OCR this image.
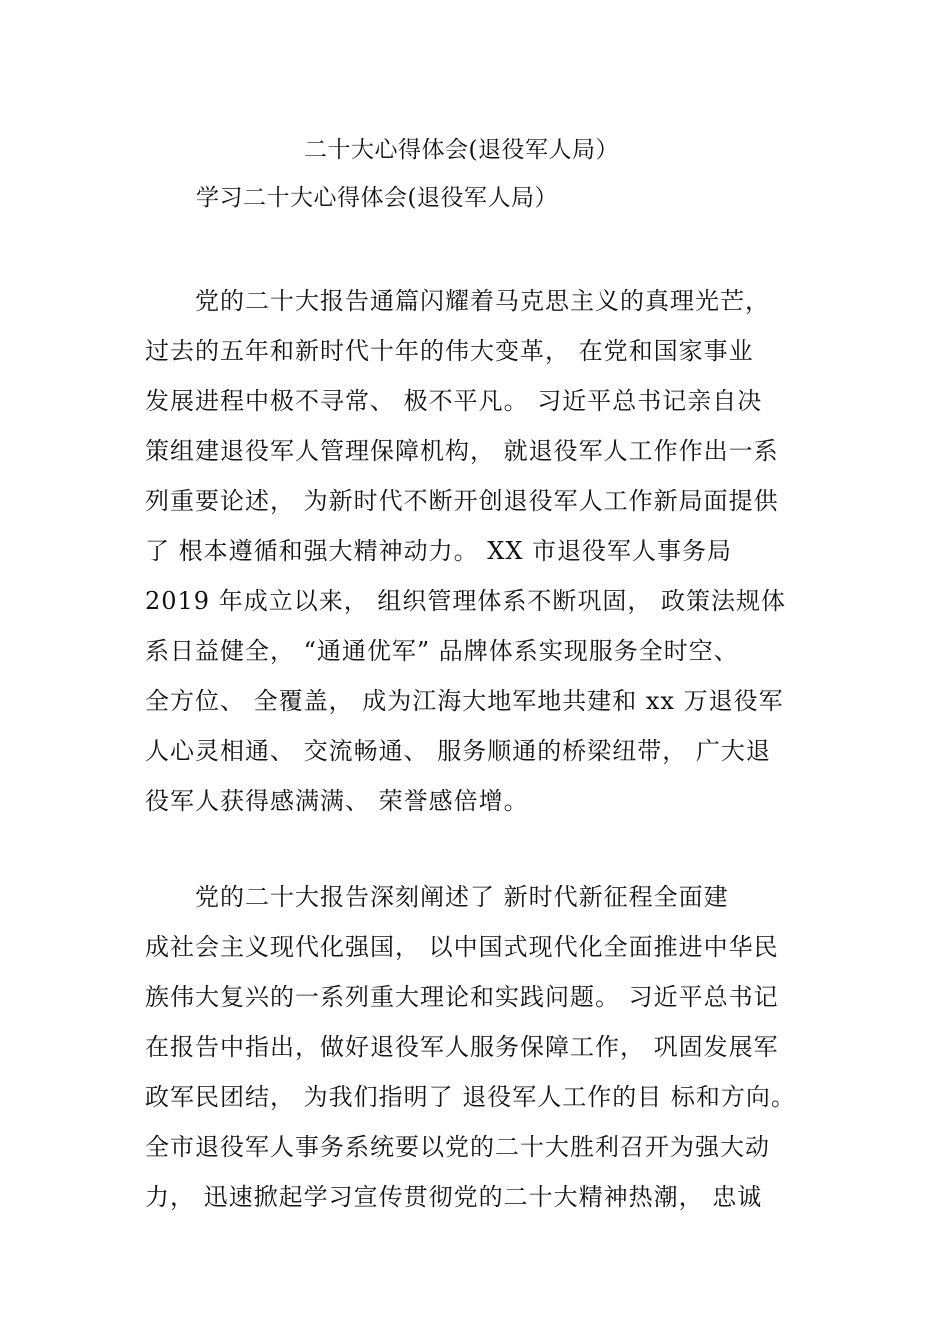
二十大心得体会(退役军人局）
学习二十大心得体会(退役军人局）
　　党的二十大报告通篇闪耀着马克思主义的真理光芒，
过去的五年和新时代十年的伟大变革， 在党和国家事业
发展进程中极不寻常、 极不平凡。 习近平总书记亲自决
策组建退役军人管理保障机构， 就退役军人工作作出一系
列重要论述， 为新时代不断开创退役军人工作新局面提供
了 根本遵循和强大精神动力。 XX 市退役军人事务局
2019 年成立以来， 组织管理体系不断巩固， 政策法规体
系日益健全， “通通优军” 品牌体系实现服务全时空、
全方位、 全覆盖， 成为江海大地军地共建和 xx 万退役军
人心灵相通、 交流畅通、 服务顺通的桥梁纽带， 广大退
役军人获得感满满、 荣誉感倍增。
　　党的二十大报告深刻阐述了 新时代新征程全面建
成社会主义现代化强国， 以中国式现代化全面推进中华民
族伟大复兴的一系列重大理论和实践问题。 习近平总书记
在报告中指出，做好退役军人服务保障工作， 巩固发展军
政军民团结， 为我们指明了 退役军人工作的目 标和方向。
全市退役军人事务系统要以党的二十大胜利召开为强大动
力， 迅速掀起学习宣传贯彻党的二十大精神热潮， 忠诚
